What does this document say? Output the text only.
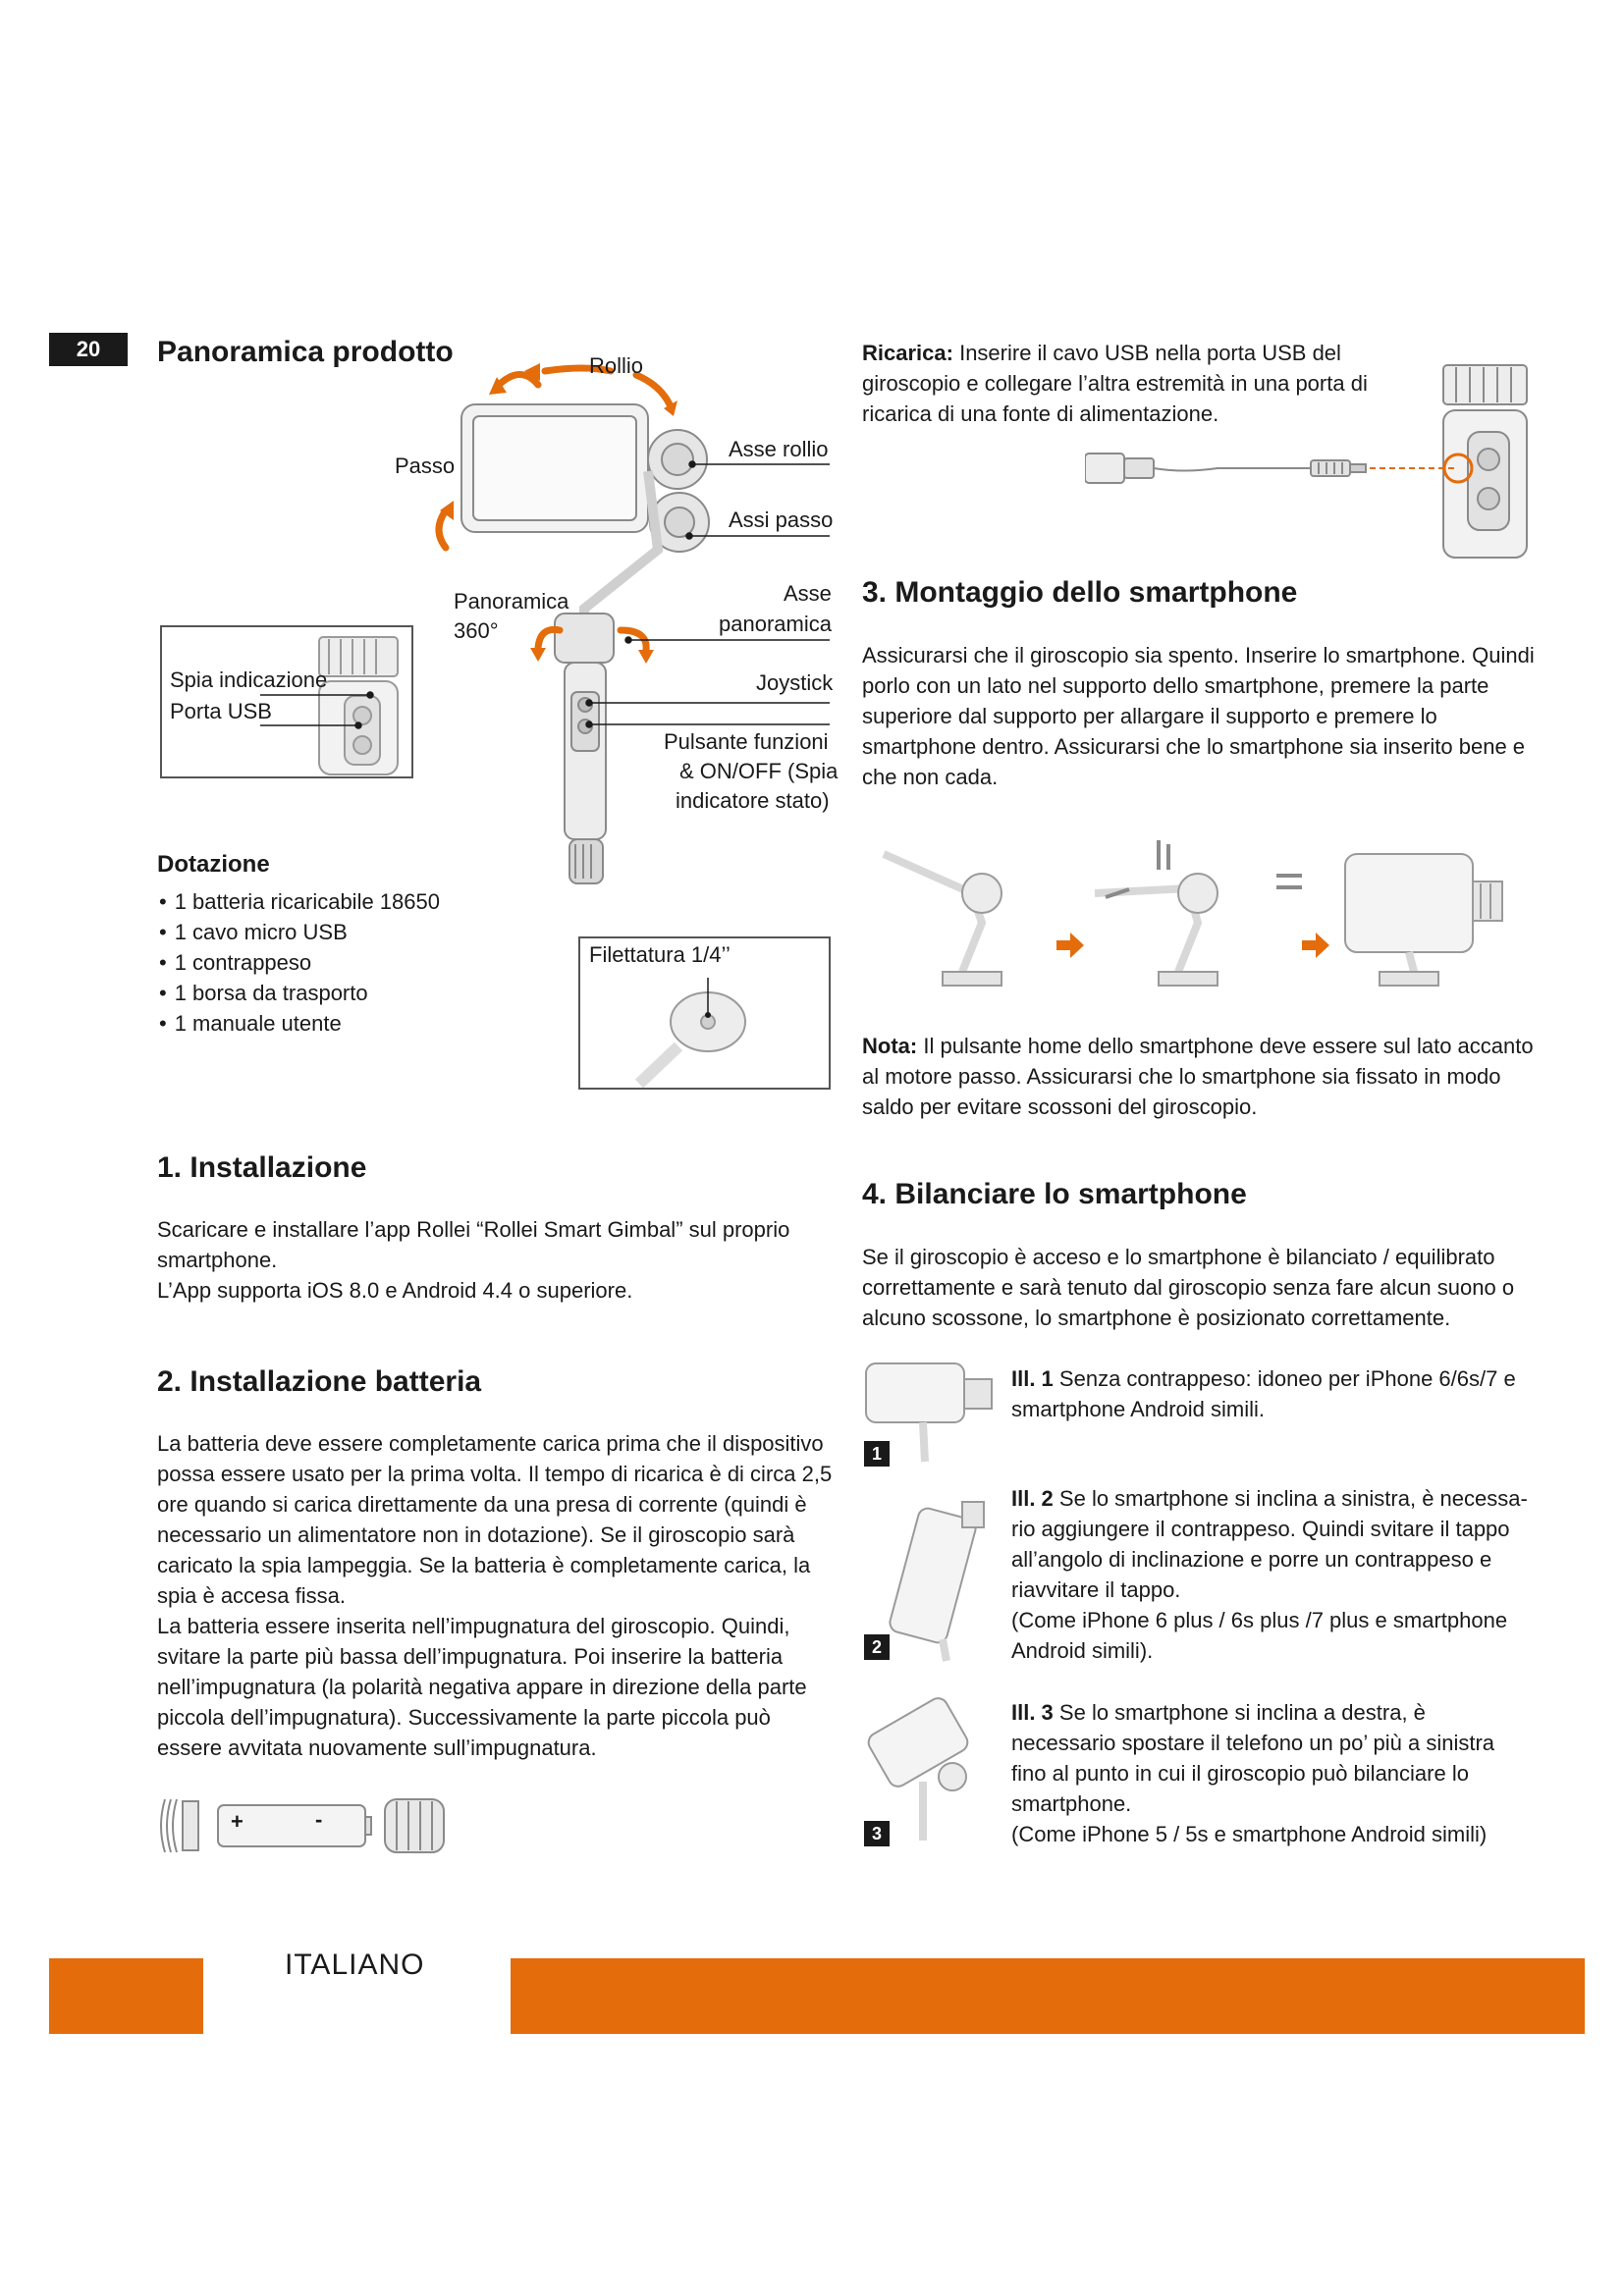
20	Panoramica prodotto	Rollio
Passo
Asse rollio
Assi passo
Panoramica
360°
Asse
panoramica
Joystick
Pulsante funzioni
& ON/OFF (Spia
indicatore stato)
Spia indicazione
Porta USB
Dotazione
• 1 batteria ricaricabile 18650
• 1 cavo micro USB
• 1 contrappeso
• 1 borsa da trasporto
• 1 manuale utente
Filettatura 1/4’’
1. Installazione
Scaricare e installare l’app Rollei “Rollei Smart Gimbal” sul proprio smartphone.
L’App supporta iOS 8.0 e Android 4.4 o superiore.
2. Installazione batteria
La batteria deve essere completamente carica prima che il dispositivo possa essere usato per la prima volta. Il tempo di ricarica è di circa 2,5 ore quando si carica direttamente da una presa di corrente (quindi è necessario un alimentatore non in dotazione). Se il giroscopio sarà caricato la spia lampeggia. Se la batteria è completamente carica, la spia è accesa fissa.
La batteria essere inserita nell’impugnatura del giroscopio. Quindi, svitare la parte più bassa dell’impugnatura. Poi inserire la batteria nell’impugnatura (la polarità negativa appare in direzione della parte piccola dell’impugnatura). Successivamente la parte piccola può essere avvitata nuovamente sull’impugnatura.
+	-
Ricarica: Inserire il cavo USB nella porta USB del giroscopio e collegare l’altra estremità in una porta di ricarica di una fonte di alimentazione.
3. Montaggio dello smartphone
Assicurarsi che il giroscopio sia spento. Inserire lo smartphone. Quindi porlo con un lato nel supporto dello smartphone, premere la parte superiore dal supporto per allargare il supporto e premere lo smartphone dentro. Assicurarsi che lo smartphone sia inserito bene e che non cada.
Nota: Il pulsante home dello smartphone deve essere sul lato accanto al motore passo. Assicurarsi che lo smartphone sia fissato in modo saldo per evitare scossoni del giroscopio.
4. Bilanciare lo smartphone
Se il giroscopio è acceso e lo smartphone è bilanciato / equilibrato correttamente e sarà tenuto dal giroscopio senza fare alcun suono o alcuno scossone, lo smartphone è posizionato correttamente.
1
Ill. 1 Senza contrappeso: idoneo per iPhone 6/6s/7 e smartphone Android simili.
2
Ill. 2 Se lo smartphone si inclina a sinistra, è necessa-rio aggiungere il contrappeso. Quindi svitare il tappo all’angolo di inclinazione e porre un contrappeso e riavvitare il tappo.
(Come iPhone 6 plus / 6s plus /7 plus e smartphone Android simili).
3
Ill. 3 Se lo smartphone si inclina a destra, è necessario spostare il telefono un po’ più a sinistra fino al punto in cui il giroscopio può bilanciare lo smartphone.
(Come iPhone 5 / 5s e smartphone Android simili)
ITALIANO
